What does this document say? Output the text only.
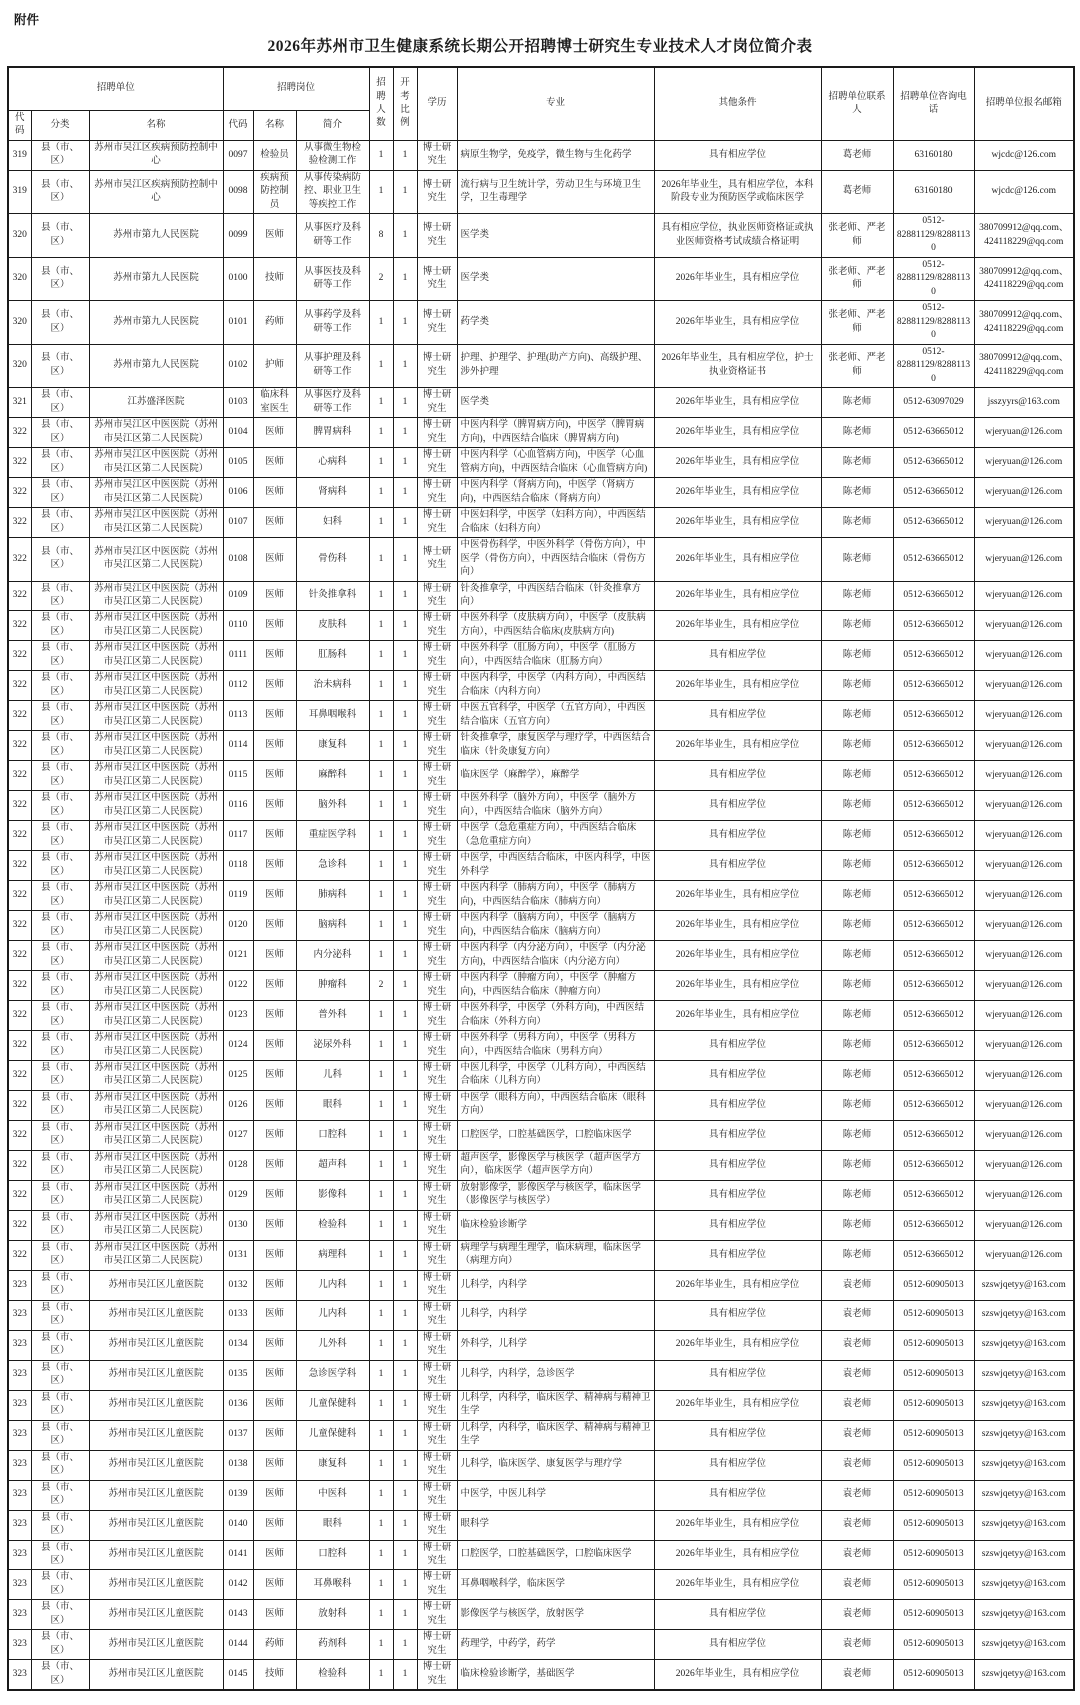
附件
2026年苏州市卫生健康系统长期公开招聘博士研究生专业技术人才岗位简介表
招聘单位			招聘岗位			招聘人数	开考比例	学历	专业	其他条件	招聘单位联系人	招聘单位咨询电话	招聘单位报名邮箱
代码	分类	名称	代码	名称	简介								
319	县（市、区）	苏州市吴江区疾病预防控制中心	0097	检验员	从事微生物检验检测工作	1	1	博士研究生	病原生物学，免疫学，微生物与生化药学	具有相应学位	葛老师	63160180	wjcdc@126.com
319	县（市、区）	苏州市吴江区疾病预防控制中心	0098	疾病预防控制员	从事传染病防控、职业卫生等疾控工作	1	1	博士研究生	流行病与卫生统计学，劳动卫生与环境卫生学，卫生毒理学	2026年毕业生，具有相应学位，本科阶段专业为预防医学或临床医学	葛老师	63160180	wjcdc@126.com
320	县（市、区）	苏州市第九人民医院	0099	医师	从事医疗及科研等工作	8	1	博士研究生	医学类	具有相应学位，执业医师资格证或执业医师资格考试成绩合格证明	张老师、严老师	0512-82881129/82881130	380709912@qq.com、424118229@qq.com
320	县（市、区）	苏州市第九人民医院	0100	技师	从事医技及科研等工作	2	1	博士研究生	医学类	2026年毕业生，具有相应学位	张老师、严老师	0512-82881129/82881130	380709912@qq.com、424118229@qq.com
320	县（市、区）	苏州市第九人民医院	0101	药师	从事药学及科研等工作	1	1	博士研究生	药学类	2026年毕业生，具有相应学位	张老师、严老师	0512-82881129/82881130	380709912@qq.com、424118229@qq.com
320	县（市、区）	苏州市第九人民医院	0102	护师	从事护理及科研等工作	1	1	博士研究生	护理、护理学、护理(助产方向)、高级护理、涉外护理	2026年毕业生，具有相应学位，护士执业资格证书	张老师、严老师	0512-82881129/82881130	380709912@qq.com、424118229@qq.com
321	县（市、区）	江苏盛泽医院	0103	临床科室医生	从事医疗及科研等工作	1	1	博士研究生	医学类	2026年毕业生，具有相应学位	陈老师	0512-63097029	jsszyyrs@163.com
322	县（市、区）	苏州市吴江区中医医院（苏州市吴江区第二人民医院）	0104	医师	脾胃病科	1	1	博士研究生	中医内科学（脾胃病方向)，中医学（脾胃病方向)，中西医结合临床（脾胃病方向)	2026年毕业生，具有相应学位	陈老师	0512-63665012	wjeryuan@126.com
322	县（市、区）	苏州市吴江区中医医院（苏州市吴江区第二人民医院）	0105	医师	心病科	1	1	博士研究生	中医内科学（心血管病方向)，中医学（心血管病方向)，中西医结合临床（心血管病方向)	2026年毕业生，具有相应学位	陈老师	0512-63665012	wjeryuan@126.com
322	县（市、区）	苏州市吴江区中医医院（苏州市吴江区第二人民医院）	0106	医师	肾病科	1	1	博士研究生	中医内科学（肾病方向)，中医学（肾病方向)，中西医结合临床（肾病方向）	2026年毕业生，具有相应学位	陈老师	0512-63665012	wjeryuan@126.com
322	县（市、区）	苏州市吴江区中医医院（苏州市吴江区第二人民医院）	0107	医师	妇科	1	1	博士研究生	中医妇科学，中医学（妇科方向），中西医结合临床（妇科方向）	2026年毕业生，具有相应学位	陈老师	0512-63665012	wjeryuan@126.com
322	县（市、区）	苏州市吴江区中医医院（苏州市吴江区第二人民医院）	0108	医师	骨伤科	1	1	博士研究生	中医骨伤科学，中医外科学（骨伤方向），中医学（骨伤方向），中西医结合临床（骨伤方向）	2026年毕业生，具有相应学位	陈老师	0512-63665012	wjeryuan@126.com
322	县（市、区）	苏州市吴江区中医医院（苏州市吴江区第二人民医院）	0109	医师	针灸推拿科	1	1	博士研究生	针灸推拿学，中西医结合临床（针灸推拿方向）	2026年毕业生，具有相应学位	陈老师	0512-63665012	wjeryuan@126.com
322	县（市、区）	苏州市吴江区中医医院（苏州市吴江区第二人民医院）	0110	医师	皮肤科	1	1	博士研究生	中医外科学（皮肤病方向），中医学（皮肤病方向），中西医结合临床(皮肤病方向)	2026年毕业生，具有相应学位	陈老师	0512-63665012	wjeryuan@126.com
322	县（市、区）	苏州市吴江区中医医院（苏州市吴江区第二人民医院）	0111	医师	肛肠科	1	1	博士研究生	中医外科学（肛肠方向），中医学（肛肠方向），中西医结合临床（肛肠方向）	具有相应学位	陈老师	0512-63665012	wjeryuan@126.com
322	县（市、区）	苏州市吴江区中医医院（苏州市吴江区第二人民医院）	0112	医师	治未病科	1	1	博士研究生	中医内科学，中医学（内科方向），中西医结合临床（内科方向）	2026年毕业生，具有相应学位	陈老师	0512-63665012	wjeryuan@126.com
322	县（市、区）	苏州市吴江区中医医院（苏州市吴江区第二人民医院）	0113	医师	耳鼻咽喉科	1	1	博士研究生	中医五官科学，中医学（五官方向），中西医结合临床（五官方向）	具有相应学位	陈老师	0512-63665012	wjeryuan@126.com
322	县（市、区）	苏州市吴江区中医医院（苏州市吴江区第二人民医院）	0114	医师	康复科	1	1	博士研究生	针灸推拿学，康复医学与理疗学，中西医结合临床（针灸康复方向）	2026年毕业生，具有相应学位	陈老师	0512-63665012	wjeryuan@126.com
322	县（市、区）	苏州市吴江区中医医院（苏州市吴江区第二人民医院）	0115	医师	麻醉科	1	1	博士研究生	临床医学（麻醉学），麻醉学	具有相应学位	陈老师	0512-63665012	wjeryuan@126.com
322	县（市、区）	苏州市吴江区中医医院（苏州市吴江区第二人民医院）	0116	医师	脑外科	1	1	博士研究生	中医外科学（脑外方向），中医学（脑外方向），中西医结合临床（脑外方向）	具有相应学位	陈老师	0512-63665012	wjeryuan@126.com
322	县（市、区）	苏州市吴江区中医医院（苏州市吴江区第二人民医院）	0117	医师	重症医学科	1	1	博士研究生	中医学（急危重症方向），中西医结合临床（急危重症方向）	具有相应学位	陈老师	0512-63665012	wjeryuan@126.com
322	县（市、区）	苏州市吴江区中医医院（苏州市吴江区第二人民医院）	0118	医师	急诊科	1	1	博士研究生	中医学，中西医结合临床，中医内科学，中医外科学	具有相应学位	陈老师	0512-63665012	wjeryuan@126.com
322	县（市、区）	苏州市吴江区中医医院（苏州市吴江区第二人民医院）	0119	医师	肺病科	1	1	博士研究生	中医内科学（肺病方向），中医学（肺病方向)，中西医结合临床（肺病方向）	2026年毕业生，具有相应学位	陈老师	0512-63665012	wjeryuan@126.com
322	县（市、区）	苏州市吴江区中医医院（苏州市吴江区第二人民医院）	0120	医师	脑病科	1	1	博士研究生	中医内科学（脑病方向），中医学（脑病方向)，中西医结合临床（脑病方向）	2026年毕业生，具有相应学位	陈老师	0512-63665012	wjeryuan@126.com
322	县（市、区）	苏州市吴江区中医医院（苏州市吴江区第二人民医院）	0121	医师	内分泌科	1	1	博士研究生	中医内科学（内分泌方向），中医学（内分泌方向)，中西医结合临床（内分泌方向）	2026年毕业生，具有相应学位	陈老师	0512-63665012	wjeryuan@126.com
322	县（市、区）	苏州市吴江区中医医院（苏州市吴江区第二人民医院）	0122	医师	肿瘤科	2	1	博士研究生	中医内科学（肿瘤方向），中医学（肿瘤方向)，中西医结合临床（肿瘤方向）	2026年毕业生，具有相应学位	陈老师	0512-63665012	wjeryuan@126.com
322	县（市、区）	苏州市吴江区中医医院（苏州市吴江区第二人民医院）	0123	医师	普外科	1	1	博士研究生	中医外科学，中医学（外科方向)，中西医结合临床（外科方向）	2026年毕业生，具有相应学位	陈老师	0512-63665012	wjeryuan@126.com
322	县（市、区）	苏州市吴江区中医医院（苏州市吴江区第二人民医院）	0124	医师	泌尿外科	1	1	博士研究生	中医外科学（男科方向），中医学（男科方向），中西医结合临床（男科方向）	具有相应学位	陈老师	0512-63665012	wjeryuan@126.com
322	县（市、区）	苏州市吴江区中医医院（苏州市吴江区第二人民医院）	0125	医师	儿科	1	1	博士研究生	中医儿科学，中医学（儿科方向），中西医结合临床（儿科方向）	具有相应学位	陈老师	0512-63665012	wjeryuan@126.com
322	县（市、区）	苏州市吴江区中医医院（苏州市吴江区第二人民医院）	0126	医师	眼科	1	1	博士研究生	中医学（眼科方向），中西医结合临床（眼科方向）	具有相应学位	陈老师	0512-63665012	wjeryuan@126.com
322	县（市、区）	苏州市吴江区中医医院（苏州市吴江区第二人民医院）	0127	医师	口腔科	1	1	博士研究生	口腔医学，口腔基础医学，口腔临床医学	具有相应学位	陈老师	0512-63665012	wjeryuan@126.com
322	县（市、区）	苏州市吴江区中医医院（苏州市吴江区第二人民医院）	0128	医师	超声科	1	1	博士研究生	超声医学，影像医学与核医学（超声医学方向），临床医学（超声医学方向）	具有相应学位	陈老师	0512-63665012	wjeryuan@126.com
322	县（市、区）	苏州市吴江区中医医院（苏州市吴江区第二人民医院）	0129	医师	影像科	1	1	博士研究生	放射影像学，影像医学与核医学，临床医学（影像医学与核医学）	具有相应学位	陈老师	0512-63665012	wjeryuan@126.com
322	县（市、区）	苏州市吴江区中医医院（苏州市吴江区第二人民医院）	0130	医师	检验科	1	1	博士研究生	临床检验诊断学	具有相应学位	陈老师	0512-63665012	wjeryuan@126.com
322	县（市、区）	苏州市吴江区中医医院（苏州市吴江区第二人民医院）	0131	医师	病理科	1	1	博士研究生	病理学与病理生理学，临床病理，临床医学（病理方向）	具有相应学位	陈老师	0512-63665012	wjeryuan@126.com
323	县（市、区）	苏州市吴江区儿童医院	0132	医师	儿内科	1	1	博士研究生	儿科学，内科学	2026年毕业生，具有相应学位	袁老师	0512-60905013	szswjqetyy@163.com
323	县（市、区）	苏州市吴江区儿童医院	0133	医师	儿内科	1	1	博士研究生	儿科学，内科学	具有相应学位	袁老师	0512-60905013	szswjqetyy@163.com
323	县（市、区）	苏州市吴江区儿童医院	0134	医师	儿外科	1	1	博士研究生	外科学，儿科学	2026年毕业生，具有相应学位	袁老师	0512-60905013	szswjqetyy@163.com
323	县（市、区）	苏州市吴江区儿童医院	0135	医师	急诊医学科	1	1	博士研究生	儿科学，内科学，急诊医学	具有相应学位	袁老师	0512-60905013	szswjqetyy@163.com
323	县（市、区）	苏州市吴江区儿童医院	0136	医师	儿童保健科	1	1	博士研究生	儿科学，内科学，临床医学、精神病与精神卫生学	2026年毕业生，具有相应学位	袁老师	0512-60905013	szswjqetyy@163.com
323	县（市、区）	苏州市吴江区儿童医院	0137	医师	儿童保健科	1	1	博士研究生	儿科学，内科学，临床医学、精神病与精神卫生学	具有相应学位	袁老师	0512-60905013	szswjqetyy@163.com
323	县（市、区）	苏州市吴江区儿童医院	0138	医师	康复科	1	1	博士研究生	儿科学，临床医学、康复医学与理疗学	具有相应学位	袁老师	0512-60905013	szswjqetyy@163.com
323	县（市、区）	苏州市吴江区儿童医院	0139	医师	中医科	1	1	博士研究生	中医学，中医儿科学	具有相应学位	袁老师	0512-60905013	szswjqetyy@163.com
323	县（市、区）	苏州市吴江区儿童医院	0140	医师	眼科	1	1	博士研究生	眼科学	2026年毕业生，具有相应学位	袁老师	0512-60905013	szswjqetyy@163.com
323	县（市、区）	苏州市吴江区儿童医院	0141	医师	口腔科	1	1	博士研究生	口腔医学，口腔基础医学，口腔临床医学	2026年毕业生，具有相应学位	袁老师	0512-60905013	szswjqetyy@163.com
323	县（市、区）	苏州市吴江区儿童医院	0142	医师	耳鼻喉科	1	1	博士研究生	耳鼻咽喉科学，临床医学	2026年毕业生，具有相应学位	袁老师	0512-60905013	szswjqetyy@163.com
323	县（市、区）	苏州市吴江区儿童医院	0143	医师	放射科	1	1	博士研究生	影像医学与核医学，放射医学	具有相应学位	袁老师	0512-60905013	szswjqetyy@163.com
323	县（市、区）	苏州市吴江区儿童医院	0144	药师	药剂科	1	1	博士研究生	药理学，中药学，药学	具有相应学位	袁老师	0512-60905013	szswjqetyy@163.com
323	县（市、区）	苏州市吴江区儿童医院	0145	技师	检验科	1	1	博士研究生	临床检验诊断学，基础医学	2026年毕业生，具有相应学位	袁老师	0512-60905013	szswjqetyy@163.com
